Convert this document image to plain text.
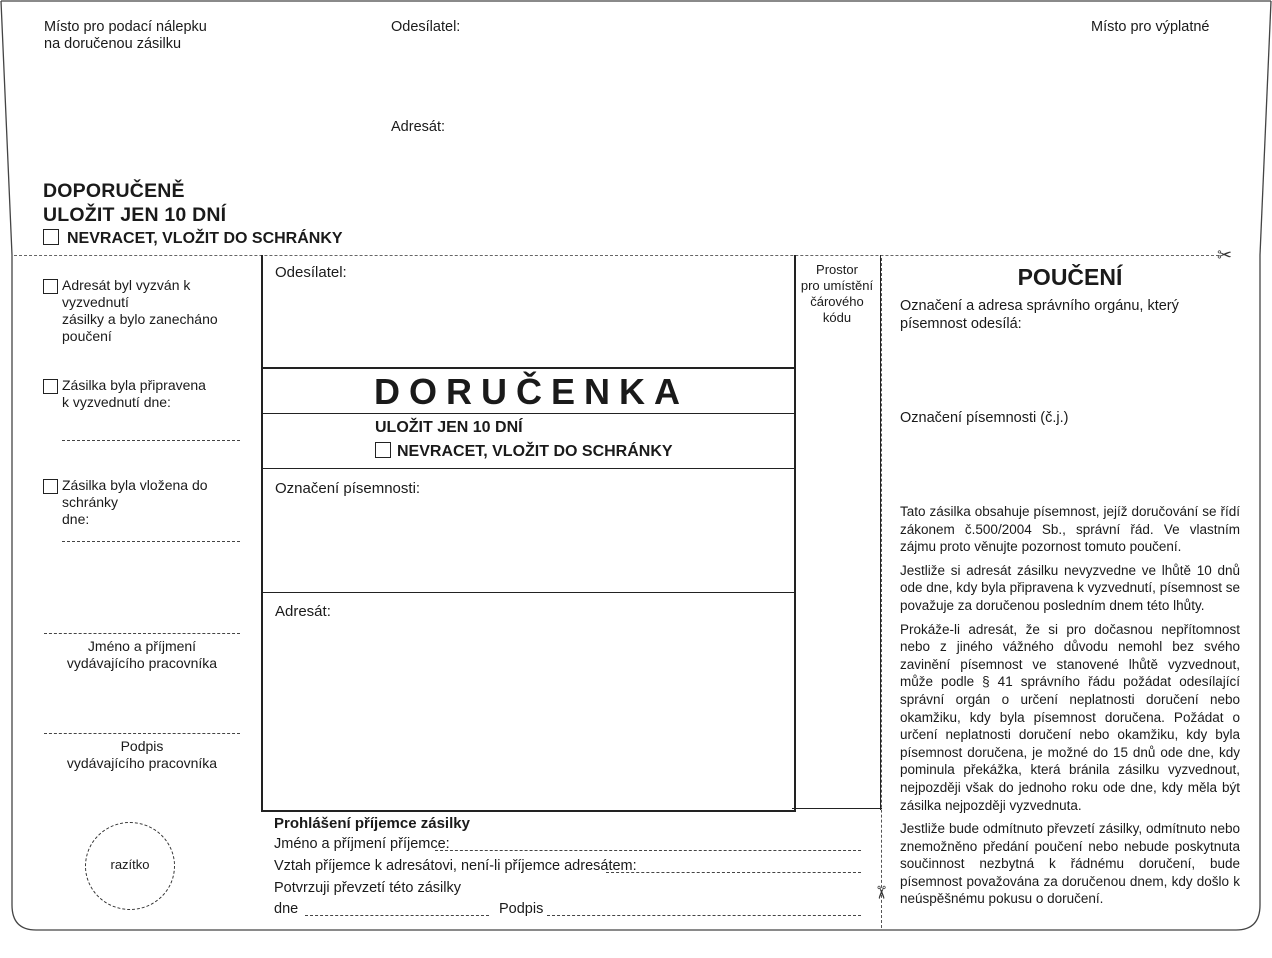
✂
Místo pro podací nálepku
na doručenou zásilku
Odesílatel:
Adresát:
Místo pro výplatné
DOPORUČENĚ
ULOŽIT JEN 10 DNÍ
NEVRACET, VLOŽIT DO SCHRÁNKY
Adresát byl vyzván k vyzvednutí
zásilky a bylo zanecháno poučení
Zásilka byla připravena
k vyzvednutí dne:
Zásilka byla vložena do schránky
dne:
Jméno a příjmení
vydávajícího pracovníka
Podpis
vydávajícího pracovníka
razítko
Odesílatel:
DORUČENKA
ULOŽIT JEN 10 DNÍ
NEVRACET, VLOŽIT DO SCHRÁNKY
Označení písemnosti:
Adresát:
Prostor
pro umístění
čárového
kódu
✂
Prohlášení příjemce zásilky
Jméno a příjmení příjemce:
Vztah příjemce k adresátovi, není-li příjemce adresátem:
Potvrzuji převzetí této zásilky
dne	Podpis
POUČENÍ
Označení a adresa správního orgánu, který písemnost odesílá:
Označení písemnosti (č.j.)

Tato zásilka obsahuje písemnost, jejíž doručování se řídí zákonem č.500/2004 Sb., správní řád. Ve vlastním zájmu proto věnujte pozornost tomuto poučení.

Jestliže si adresát zásilku nevyzvedne ve lhůtě 10 dnů ode dne, kdy byla připravena k vyzvednutí, písemnost se považuje za doručenou posledním dnem této lhůty.

Prokáže-li adresát, že si pro dočasnou nepřítomnost nebo z jiného vážného důvodu nemohl bez svého zavinění písemnost ve stanovené lhůtě vyzvednout, může podle § 41 správního řádu požádat odesílající správní orgán o určení neplatnosti doručení nebo okamžiku, kdy byla písemnost doručena. Požádat o určení neplatnosti doručení nebo okamžiku, kdy byla písemnost doručena, je možné do 15 dnů ode dne, kdy pominula překážka, která bránila zásilku vyzvednout, nejpozději však do jednoho roku ode dne, kdy měla být zásilka nejpozději vyzvednuta.

Jestliže bude odmítnuto převzetí zásilky, odmítnuto nebo znemožněno předání poučení nebo nebude poskytnuta součinnost nezbytná k řádnému doručení, bude písemnost považována za doručenou dnem, kdy došlo k neúspěšnému pokusu o doručení.
